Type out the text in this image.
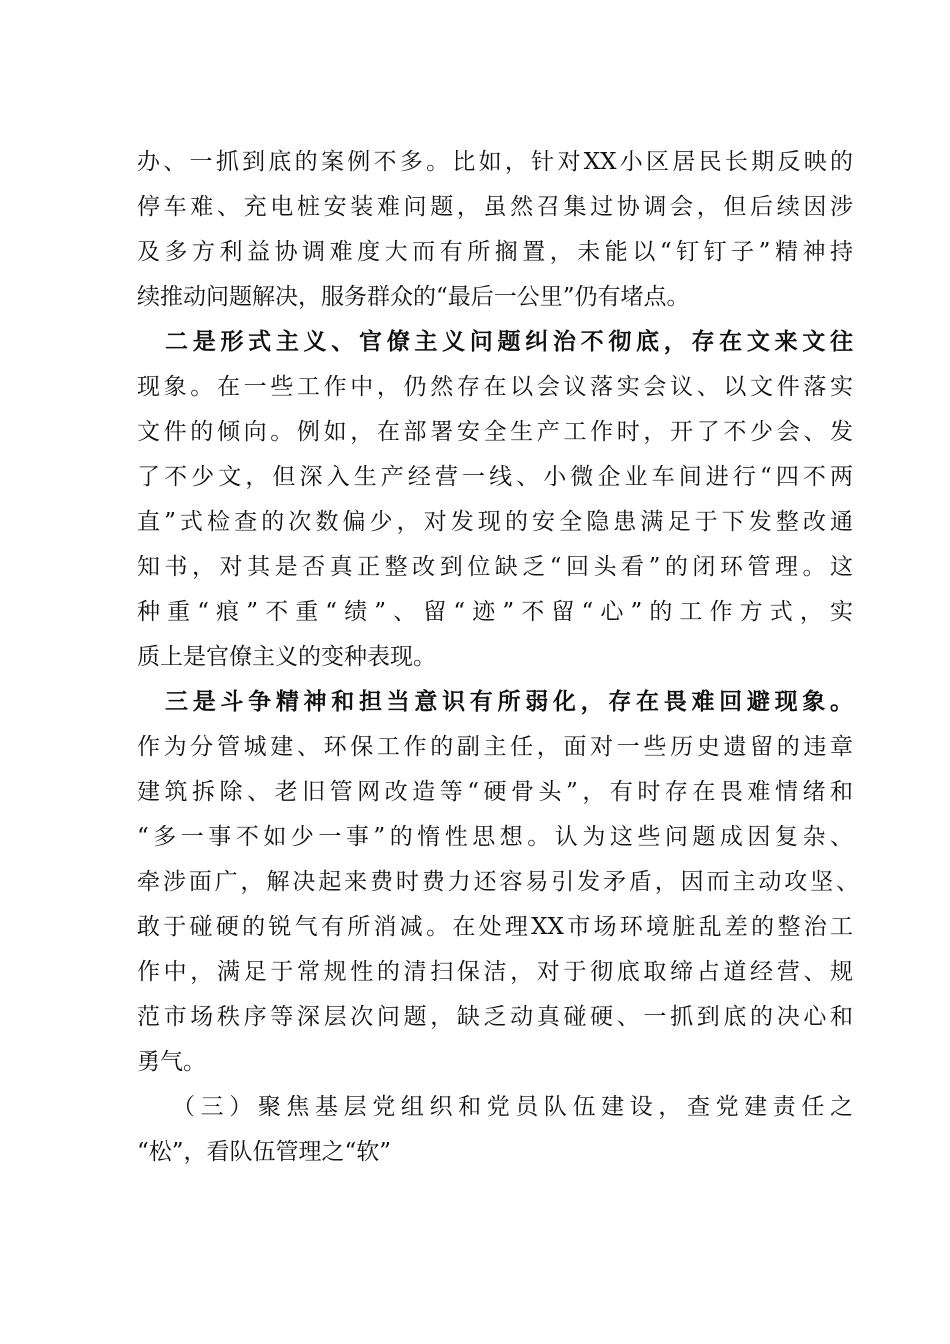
办、一抓到底的案例不多。比如，针对XX小区居民长期反映的
停车难、充电桩安装难问题，虽然召集过协调会，但后续因涉
及多方利益协调难度大而有所搁置，未能以“钉钉子”精神持
续推动问题解决，服务群众的“最后一公里”仍有堵点。
二是形式主义、官僚主义问题纠治不彻底，存在文来文往
现象。在一些工作中，仍然存在以会议落实会议、以文件落实
文件的倾向。例如，在部署安全生产工作时，开了不少会、发
了不少文，但深入生产经营一线、小微企业车间进行“四不两
直”式检查的次数偏少，对发现的安全隐患满足于下发整改通
知书，对其是否真正整改到位缺乏“回头看”的闭环管理。这
种重“痕”不重“绩”、留“迹”不留“心”的工作方式，实
质上是官僚主义的变种表现。
三是斗争精神和担当意识有所弱化，存在畏难回避现象。
作为分管城建、环保工作的副主任，面对一些历史遗留的违章
建筑拆除、老旧管网改造等“硬骨头”，有时存在畏难情绪和
“多一事不如少一事”的惰性思想。认为这些问题成因复杂、
牵涉面广，解决起来费时费力还容易引发矛盾，因而主动攻坚、
敢于碰硬的锐气有所消减。在处理XX市场环境脏乱差的整治工
作中，满足于常规性的清扫保洁，对于彻底取缔占道经营、规
范市场秩序等深层次问题，缺乏动真碰硬、一抓到底的决心和
勇气。
（三）聚焦基层党组织和党员队伍建设，查党建责任之
“松”，看队伍管理之“软”
